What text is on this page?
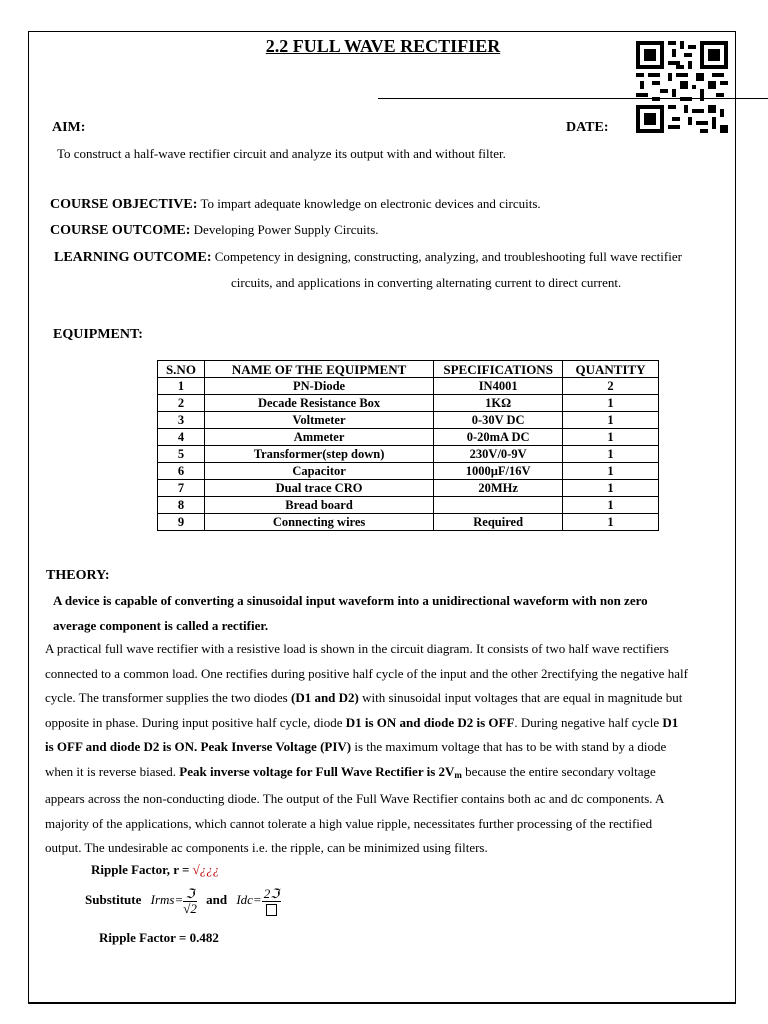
2.2 FULL WAVE RECTIFIER
AIM:	DATE:
To construct a half-wave rectifier circuit and analyze its output with and without filter.
COURSE OBJECTIVE: To impart adequate knowledge on electronic devices and circuits.
COURSE OUTCOME: Developing Power Supply Circuits.
LEARNING OUTCOME: Competency in designing, constructing, analyzing, and troubleshooting full wave rectifier
circuits, and applications in converting alternating current to direct current.
EQUIPMENT:
S.NO	NAME OF THE EQUIPMENT	SPECIFICATIONS	QUANTITY
1	PN-Diode	IN4001	2
2	Decade Resistance Box	1KΩ	1
3	Voltmeter	0-30V DC	1
4	Ammeter	0-20mA DC	1
5	Transformer(step down)	230V/0-9V	1
6	Capacitor	1000µF/16V	1
7	Dual trace CRO	20MHz	1
8	Bread board		1
9	Connecting wires	Required	1
THEORY:
A device is capable of converting a sinusoidal input waveform into a unidirectional waveform with non zero
average component is called a rectifier.
A practical full wave rectifier with a resistive load is shown in the circuit diagram. It consists of two half wave rectifiers
connected to a common load. One rectifies during positive half cycle of the input and the other 2rectifying the negative half
cycle. The transformer supplies the two diodes (D1 and D2) with sinusoidal input voltages that are equal in magnitude but
opposite in phase. During input positive half cycle, diode D1 is ON and diode D2 is OFF. During negative half cycle D1
is OFF and diode D2 is ON. Peak Inverse Voltage (PIV) is the maximum voltage that has to be with stand by a diode
when it is reverse biased. Peak inverse voltage for Full Wave Rectifier is 2Vm because the entire secondary voltage
appears across the non-conducting diode. The output of the Full Wave Rectifier contains both ac and dc components. A
majority of the applications, which cannot tolerate a high value ripple, necessitates further processing of the rectified
output. The undesirable ac components i.e. the ripple, can be minimized using filters.
Ripple Factor, r = √¿¿¿
Substitute Irms= $\frac{\text{ℑ}}{√2}$ and Idc= 2ℑ
Ripple Factor = 0.482
